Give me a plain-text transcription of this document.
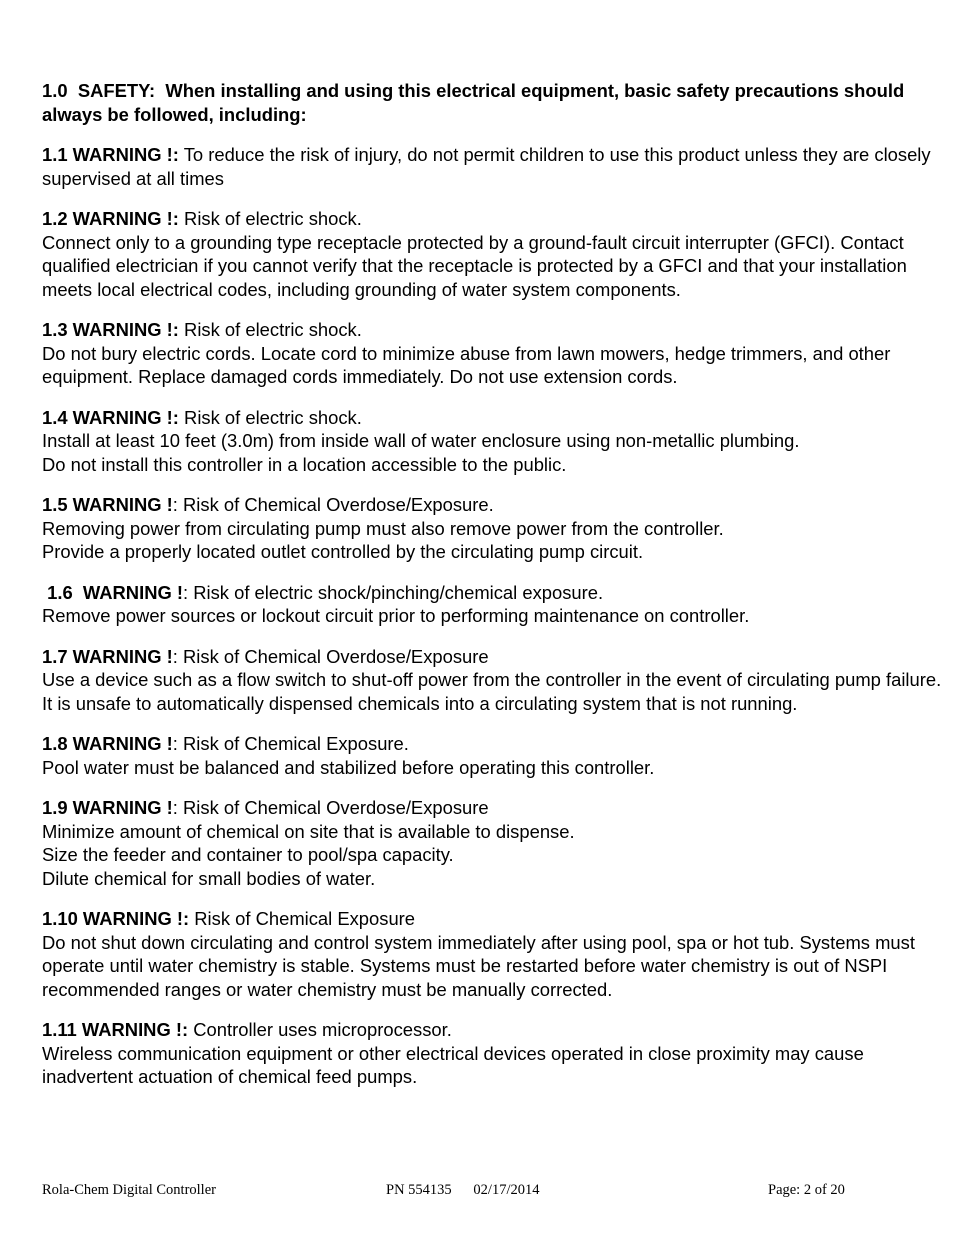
1.0 SAFETY: When installing and using this electrical equipment, basic safety precautions should always be followed, including:

1.1 WARNING !: To reduce the risk of injury, do not permit children to use this product unless they are closely supervised at all times
1.2 WARNING !: Risk of electric shock.
Connect only to a grounding type receptacle protected by a ground-fault circuit interrupter (GFCI). Contact qualified electrician if you cannot verify that the receptacle is protected by a GFCI and that your installation meets local electrical codes, including grounding of water system components.
1.3 WARNING !: Risk of electric shock.
Do not bury electric cords. Locate cord to minimize abuse from lawn mowers, hedge trimmers, and other equipment. Replace damaged cords immediately. Do not use extension cords.
1.4 WARNING !: Risk of electric shock.
Install at least 10 feet (3.0m) from inside wall of water enclosure using non-metallic plumbing.
Do not install this controller in a location accessible to the public.
1.5 WARNING !: Risk of Chemical Overdose/Exposure.
Removing power from circulating pump must also remove power from the controller.
Provide a properly located outlet controlled by the circulating pump circuit.
1.6  WARNING !: Risk of electric shock/pinching/chemical exposure.
Remove power sources or lockout circuit prior to performing maintenance on controller.
1.7 WARNING !: Risk of Chemical Overdose/Exposure
Use a device such as a flow switch to shut-off power from the controller in the event of circulating pump failure. It is unsafe to automatically dispensed chemicals into a circulating system that is not running.
1.8 WARNING !: Risk of Chemical Exposure.
Pool water must be balanced and stabilized before operating this controller.
1.9 WARNING !: Risk of Chemical Overdose/Exposure
Minimize amount of chemical on site that is available to dispense.
Size the feeder and container to pool/spa capacity.
Dilute chemical for small bodies of water.
1.10 WARNING !: Risk of Chemical Exposure
Do not shut down circulating and control system immediately after using pool, spa or hot tub. Systems must operate until water chemistry is stable. Systems must be restarted before water chemistry is out of NSPI recommended ranges or water chemistry must be manually corrected.
1.11 WARNING !: Controller uses microprocessor.
Wireless communication equipment or other electrical devices operated in close proximity may cause inadvertent actuation of chemical feed pumps.
Rola-Chem Digital Controller	PN 554135      02/17/2014	Page: 2 of 20
